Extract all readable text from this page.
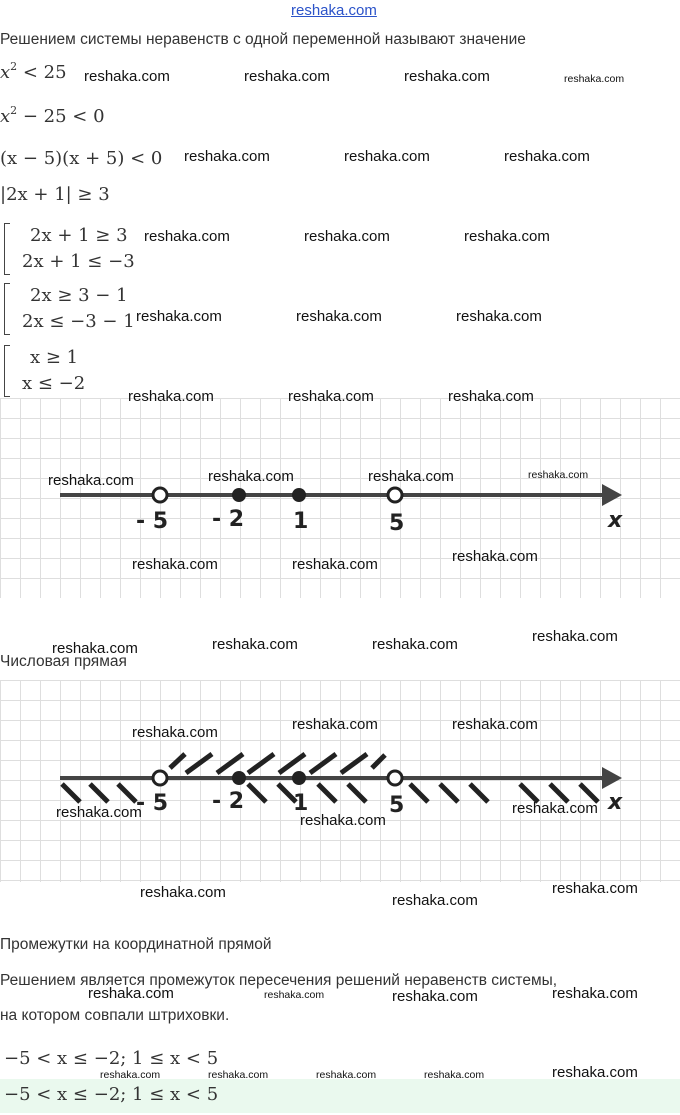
reshaka.com
Решением системы неравенств с одной переменной называют значение
$x^2 < 25$
$x^2 - 25 < 0$
(x − 5)(x + 5) < 0
|2x + 1| ≥ 3
2x + 1 ≥ 3
2x + 1 ≤ −3
2x ≥ 3 − 1
2x ≤ −3 − 1
x ≥ 1
x ≤ −2
- 5 - 2 1	5	x
Числовая прямая
- 5 - 2 1	5	x
Промежутки на координатной прямой
Решением является промежуток пересечения решений неравенств системы,
на котором совпали штриховки.
−5 < x ≤ −2; 1 ≤ x < 5
−5 < x ≤ −2; 1 ≤ x < 5
reshaka.com	reshaka.com	reshaka.com	reshaka.com
reshaka.com	reshaka.com	reshaka.com
reshaka.com	reshaka.com	reshaka.com
reshaka.com	reshaka.com	reshaka.com
reshaka.com	reshaka.com	reshaka.com
reshaka.com	reshaka.com	reshaka.com	reshaka.com
reshaka.com	reshaka.com	reshaka.com
reshaka.com	reshaka.com	reshaka.com	reshaka.com
reshaka.com	reshaka.com	reshaka.com
reshaka.com	reshaka.com
reshaka.com
reshaka.com	reshaka.com
reshaka.com
reshaka.com	reshaka.com	reshaka.com	reshaka.com
reshaka.com	reshaka.com	reshaka.com	reshaka.com	reshaka.com
